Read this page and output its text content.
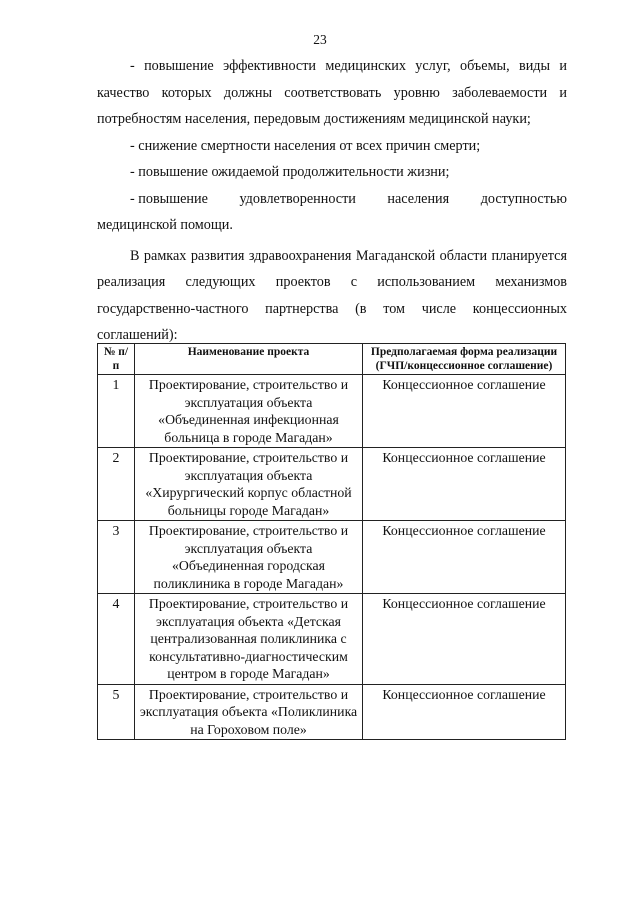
23

- повышение эффективности медицинских услуг, объемы, виды и качество которых должны соответствовать уровню заболеваемости и потребностям населения, передовым достижениям медицинской науки;

- снижение смертности населения от всех причин смерти;

- повышение ожидаемой продолжительности жизни;

- повышение удовлетворенности населения доступностью

медицинской помощи.

В рамках развития здравоохранения Магаданской области планируется реализация следующих проектов с использованием механизмов государственно-частного партнерства (в том числе концессионных соглашений):

№ п/п	Наименование проекта	Предполагаемая форма реализации (ГЧП/концессионное соглашение)
1	Проектирование, строительство и эксплуатация объекта «Объединенная инфекционная больница в городе Магадан»	Концессионное соглашение
2	Проектирование, строительство и эксплуатация объекта «Хирургический корпус областной больницы городе Магадан»	Концессионное соглашение
3	Проектирование, строительство и эксплуатация объекта «Объединенная городская поликлиника в городе Магадан»	Концессионное соглашение
4	Проектирование, строительство и эксплуатация объекта «Детская централизованная поликлиника с консультативно-диагностическим центром в городе Магадан»	Концессионное соглашение
5	Проектирование, строительство и эксплуатация объекта «Поликлиника на Гороховом поле»	Концессионное соглашение
